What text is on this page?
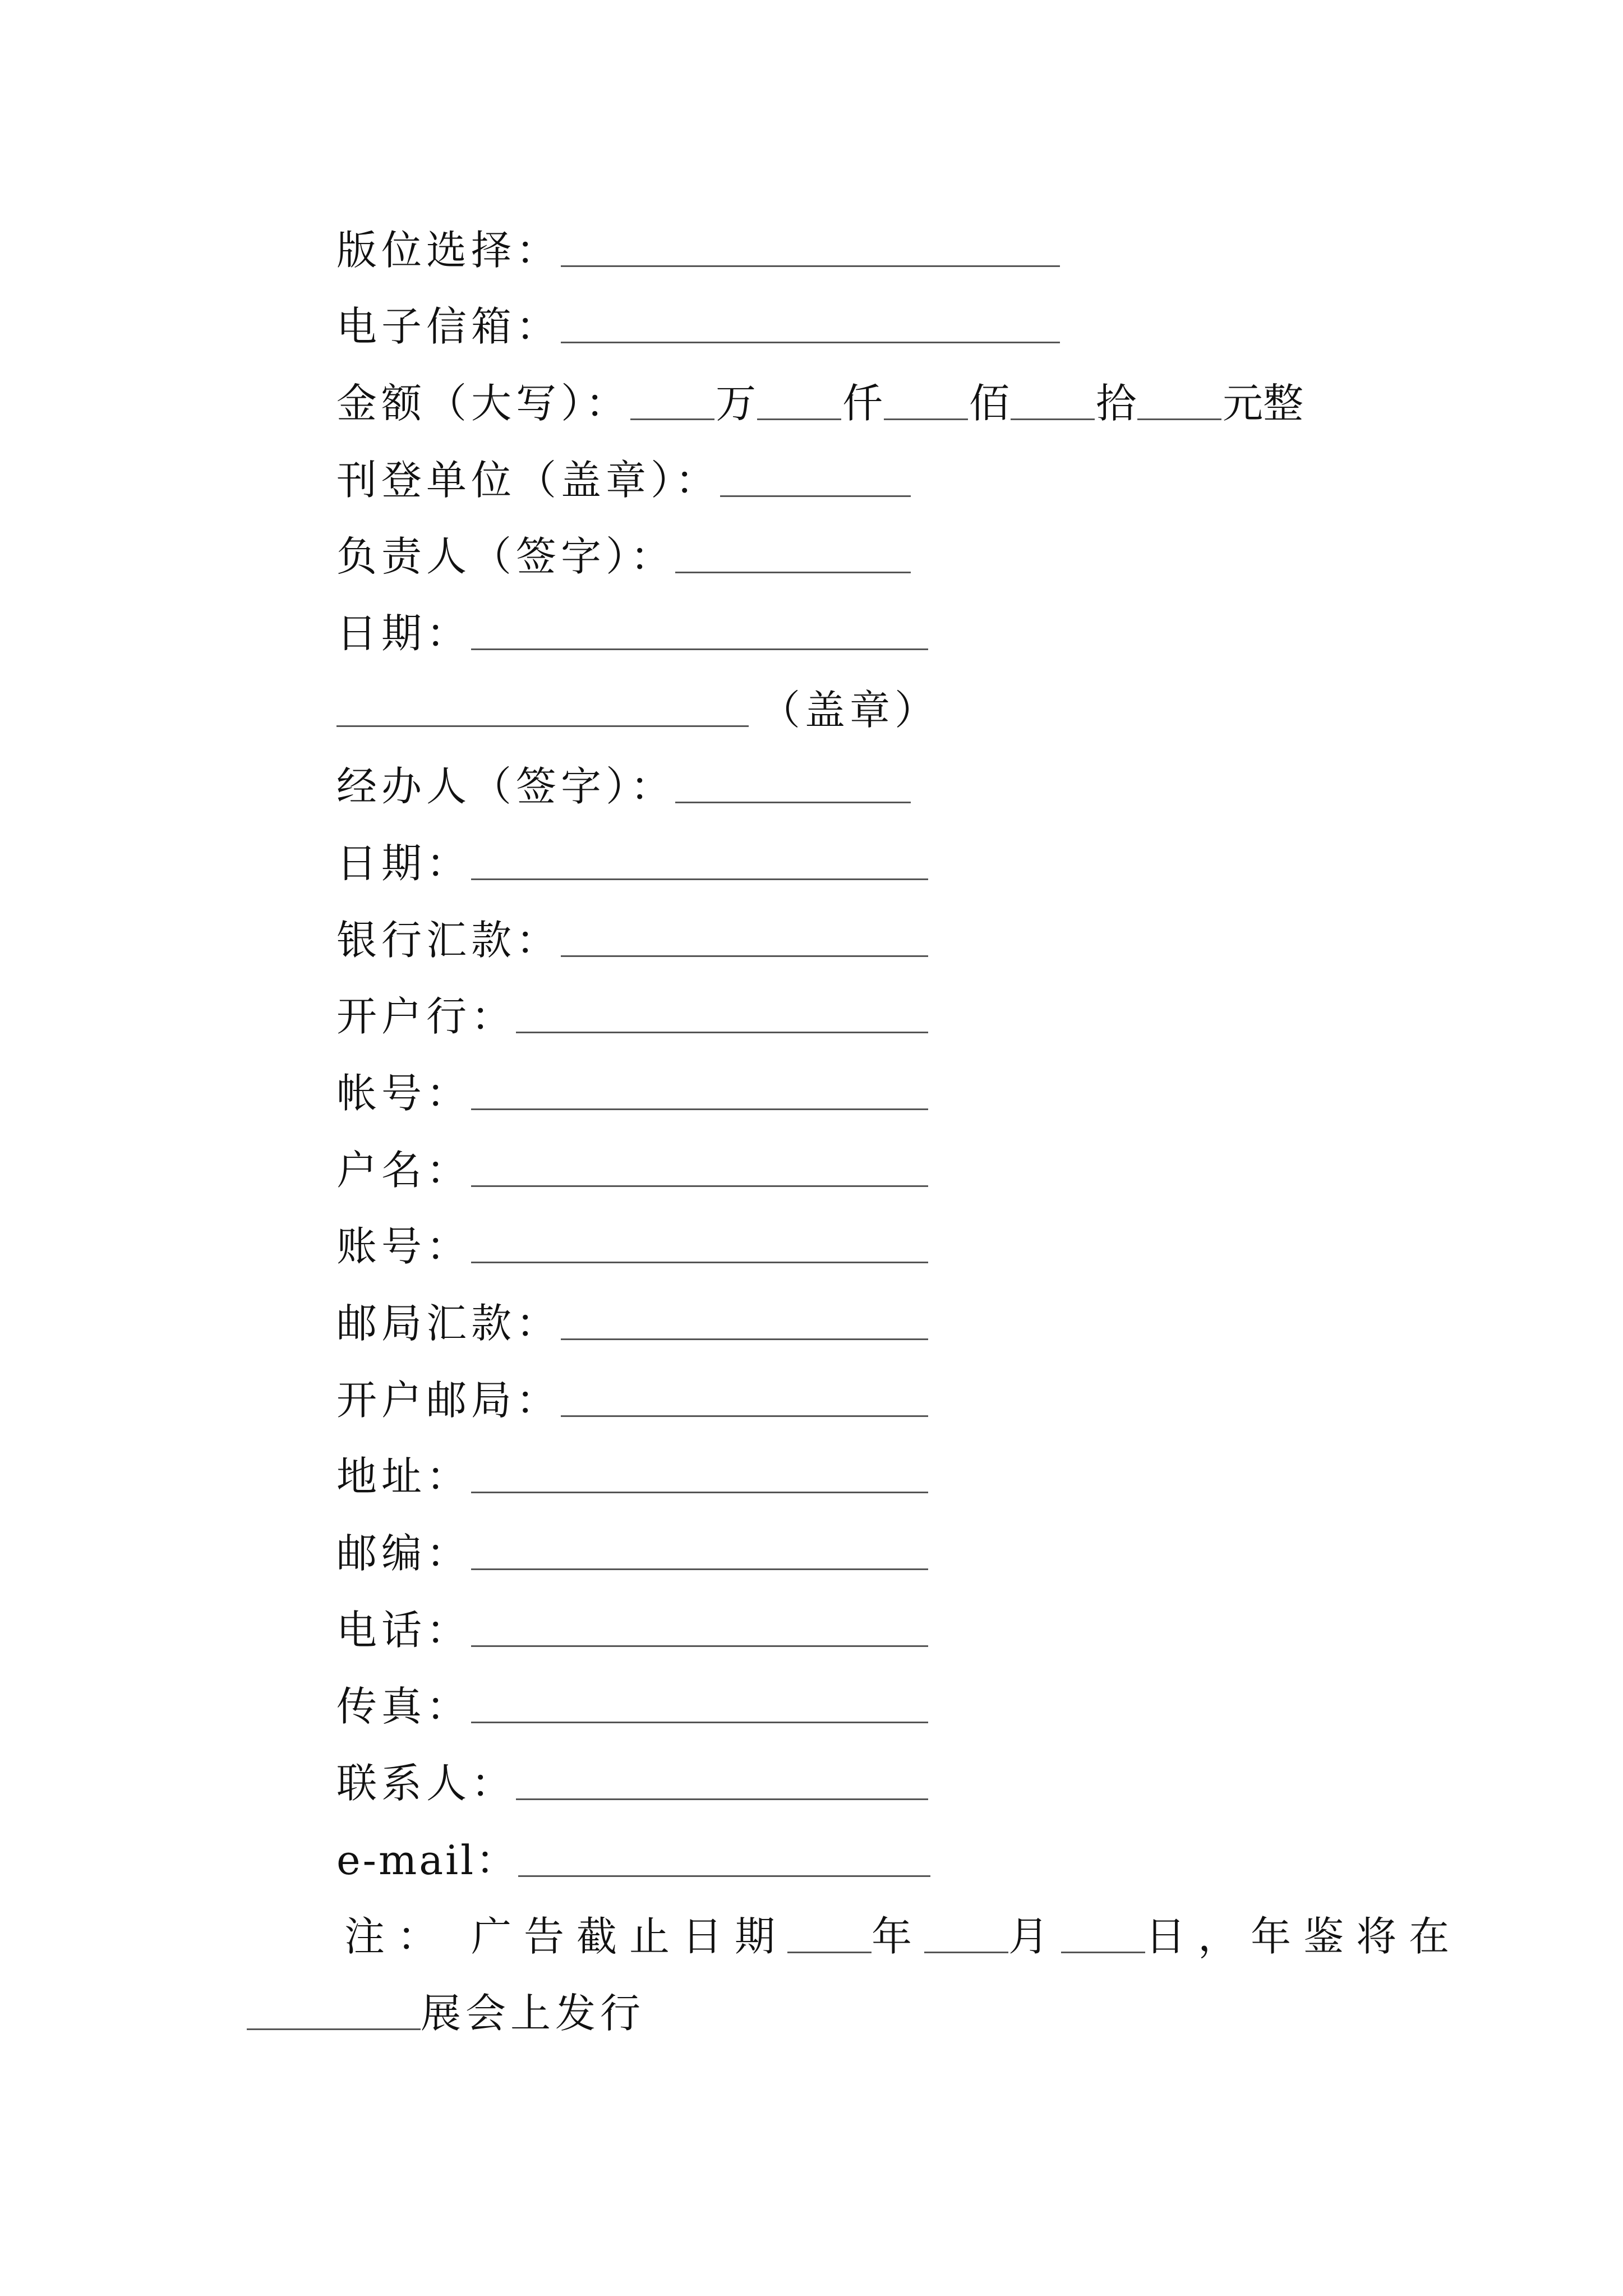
版位选择：
电子信箱：
金额（大写）： 万 仟 佰 拾 元整
刊登单位（盖章）：
负责人（签字）：
日期：
（盖章）
经办人（签字）：
日期：
银行汇款：
开户行：
帐号：
户名：
账号：
邮局汇款：
开户邮局：
地址：
邮编：
电话：
传真：
联系人：
e-mail：
注： 广告截止日期 年 月 日，年鉴将在
展会上发行
